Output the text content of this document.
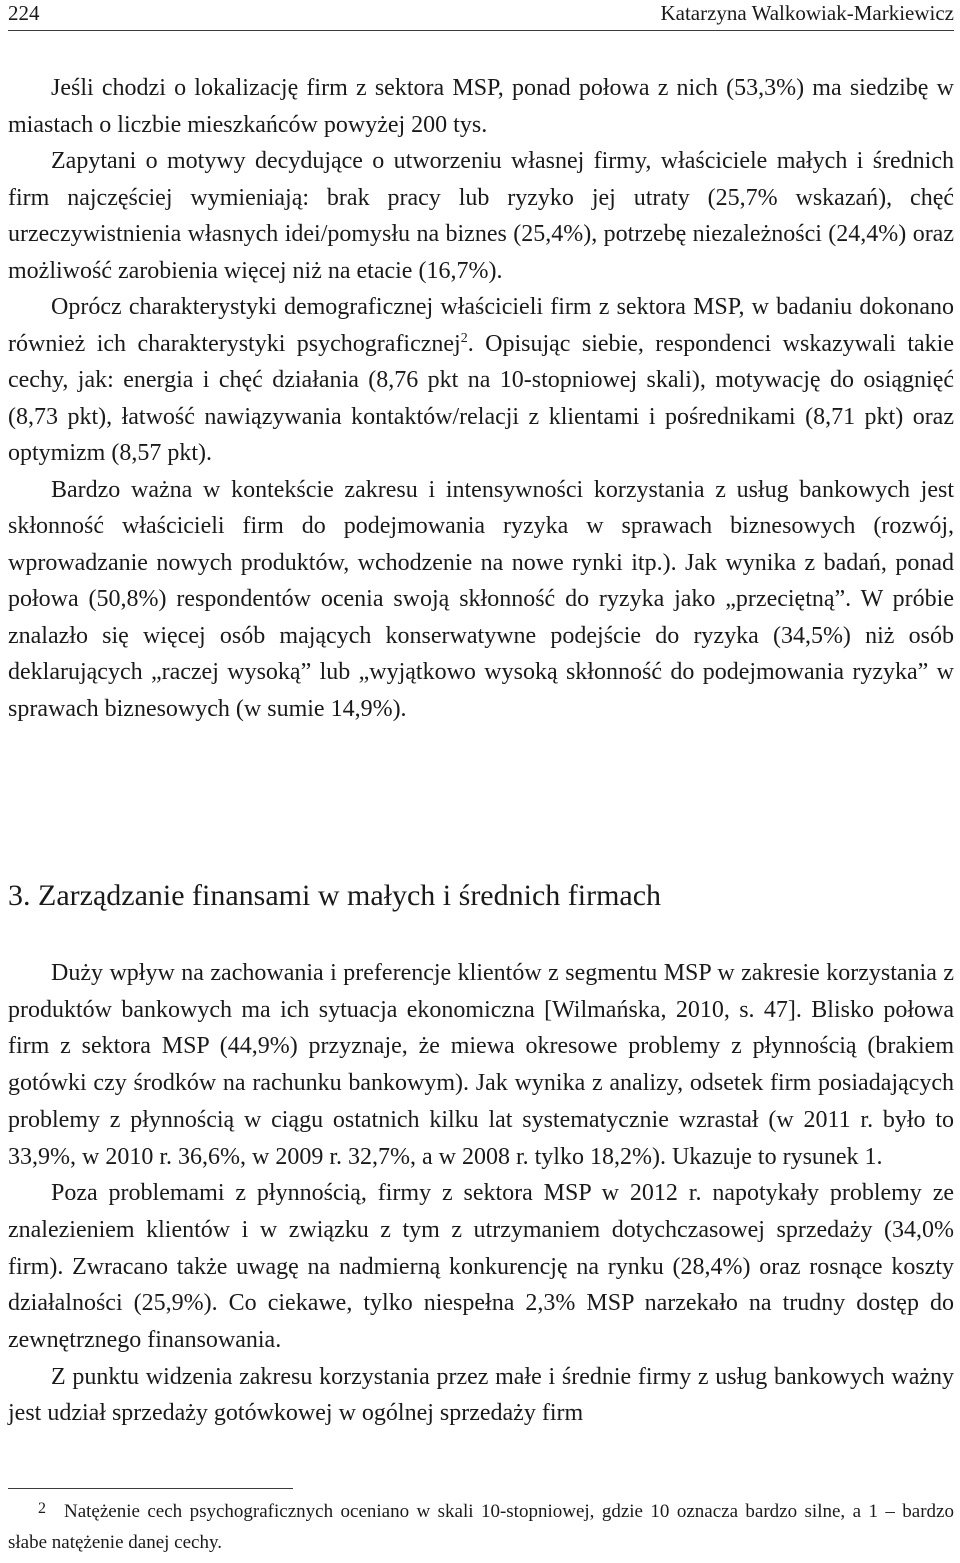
224	Katarzyna Walkowiak-Markiewicz

Jeśli chodzi o lokalizację firm z sektora MSP, ponad połowa z nich (53,3%) ma siedzibę w miastach o liczbie mieszkańców powyżej 200 tys.

Zapytani o motywy decydujące o utworzeniu własnej firmy, właściciele małych i średnich firm najczęściej wymieniają: brak pracy lub ryzyko jej utraty (25,7% wskazań), chęć urzeczywistnienia własnych idei/pomysłu na biznes (25,4%), potrzebę niezależności (24,4%) oraz możliwość zarobienia więcej niż na etacie (16,7%).

Oprócz charakterystyki demograficznej właścicieli firm z sektora MSP, w badaniu dokonano również ich charakterystyki psychograficznej$^2$. Opisując siebie, respondenci wskazywali takie cechy, jak: energia i chęć działania (8,76 pkt na 10-stopniowej skali), motywację do osiągnięć (8,73 pkt), łatwość nawiązywania kontaktów/relacji z klientami i pośrednikami (8,71 pkt) oraz optymizm (8,57 pkt).

Bardzo ważna w kontekście zakresu i intensywności korzystania z usług bankowych jest skłonność właścicieli firm do podejmowania ryzyka w sprawach biznesowych (rozwój, wprowadzanie nowych produktów, wchodzenie na nowe rynki itp.). Jak wynika z badań, ponad połowa (50,8%) respondentów ocenia swoją skłonność do ryzyka jako „przeciętną”. W próbie znalazło się więcej osób mających konserwatywne podejście do ryzyka (34,5%) niż osób deklarujących „raczej wysoką” lub „wyjątkowo wysoką skłonność do podejmowania ryzyka” w sprawach biznesowych (w sumie 14,9%).

3. Zarządzanie finansami w małych i średnich firmach

Duży wpływ na zachowania i preferencje klientów z segmentu MSP w zakresie korzystania z produktów bankowych ma ich sytuacja ekonomiczna [Wilmańska, 2010, s. 47]. Blisko połowa firm z sektora MSP (44,9%) przyznaje, że miewa okresowe problemy z płynnością (brakiem gotówki czy środków na rachunku bankowym). Jak wynika z analizy, odsetek firm posiadających problemy z płynnością w ciągu ostatnich kilku lat systematycznie wzrastał (w 2011 r. było to 33,9%, w 2010 r. 36,6%, w 2009 r. 32,7%, a w 2008 r. tylko 18,2%). Ukazuje to rysunek 1.

Poza problemami z płynnością, firmy z sektora MSP w 2012 r. napotykały problemy ze znalezieniem klientów i w związku z tym z utrzymaniem dotychczasowej sprzedaży (34,0% firm). Zwracano także uwagę na nadmierną konkurencję na rynku (28,4%) oraz rosnące koszty działalności (25,9%). Co ciekawe, tylko niespełna 2,3% MSP narzekało na trudny dostęp do zewnętrznego finansowania.

Z punktu widzenia zakresu korzystania przez małe i średnie firmy z usług bankowych ważny jest udział sprzedaży gotówkowej w ogólnej sprzedaży firm

2 Natężenie cech psychograficznych oceniano w skali 10-stopniowej, gdzie 10 oznacza bardzo silne, a 1 – bardzo słabe natężenie danej cechy.
